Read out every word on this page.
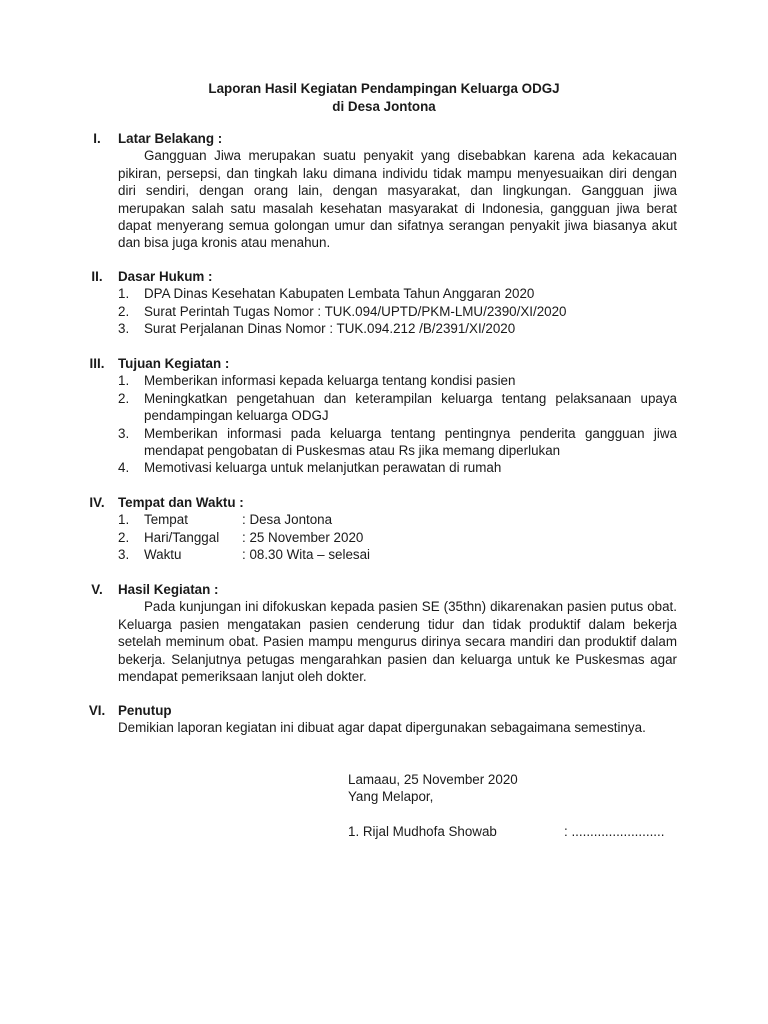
Laporan Hasil Kegiatan Pendampingan Keluarga ODGJ
di Desa Jontona
I.	Latar Belakang :
Gangguan Jiwa merupakan suatu penyakit yang disebabkan karena ada kekacauan pikiran, persepsi, dan tingkah laku dimana individu tidak mampu menyesuaikan diri dengan diri sendiri, dengan orang lain, dengan masyarakat, dan lingkungan. Gangguan jiwa merupakan salah satu masalah kesehatan masyarakat di Indonesia, gangguan jiwa berat dapat menyerang semua golongan umur dan sifatnya serangan penyakit jiwa biasanya akut dan bisa juga kronis atau menahun.
II.	Dasar Hukum :
1. DPA Dinas Kesehatan Kabupaten Lembata Tahun Anggaran 2020
2. Surat Perintah Tugas Nomor : TUK.094/UPTD/PKM-LMU/2390/XI/2020
3. Surat Perjalanan Dinas Nomor : TUK.094.212 /B/2391/XI/2020
III.	Tujuan Kegiatan :
1. Memberikan informasi kepada keluarga tentang kondisi pasien
2. Meningkatkan pengetahuan dan keterampilan keluarga tentang pelaksanaan upaya pendampingan keluarga ODGJ
3. Memberikan informasi pada keluarga tentang pentingnya penderita gangguan jiwa mendapat pengobatan di Puskesmas atau Rs jika memang diperlukan
4. Memotivasi keluarga untuk melanjutkan perawatan di rumah
IV.	Tempat dan Waktu :
1. Tempat	: Desa Jontona
2. Hari/Tanggal	: 25 November 2020
3. Waktu	: 08.30 Wita – selesai
V.	Hasil Kegiatan :
Pada kunjungan ini difokuskan kepada pasien SE (35thn) dikarenakan pasien putus obat. Keluarga pasien mengatakan pasien cenderung tidur dan tidak produktif dalam bekerja setelah meminum obat. Pasien mampu mengurus dirinya secara mandiri dan produktif dalam bekerja. Selanjutnya petugas mengarahkan pasien dan keluarga untuk ke Puskesmas agar mendapat pemeriksaan lanjut oleh dokter.
VI. Penutup
Demikian laporan kegiatan ini dibuat agar dapat dipergunakan sebagaimana semestinya.
Lamaau, 25 November 2020
Yang Melapor,
1. Rijal Mudhofa Showab	: .........................
